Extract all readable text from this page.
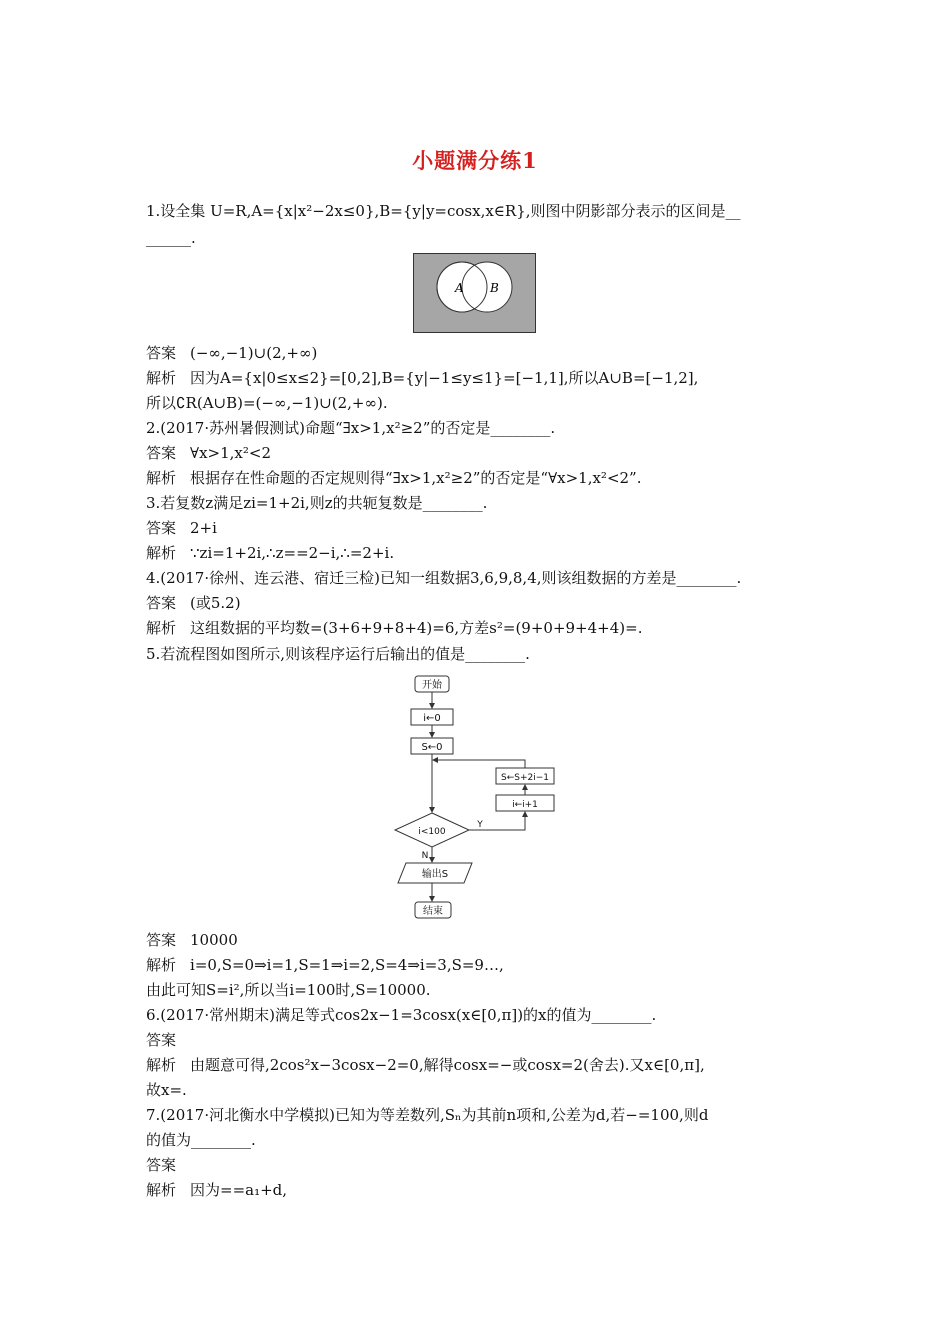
小题满分练1
1.设全集 U=R,A={x|x²−2x≤0},B={y|y=cosx,x∈R},则图中阴影部分表示的区间是__
______.
A B
答案 (−∞,−1)∪(2,+∞)
解析 因为A={x|0≤x≤2}=[0,2],B={y|−1≤y≤1}=[−1,1],所以A∪B=[−1,2],
所以∁R(A∪B)=(−∞,−1)∪(2,+∞).
2.(2017·苏州暑假测试)命题“∃x>1,x²≥2”的否定是________.
答案 ∀x>1,x²<2
解析 根据存在性命题的否定规则得“∃x>1,x²≥2”的否定是“∀x>1,x²<2”.
3.若复数z满足zi=1+2i,则z的共轭复数是________.
答案 2+i
解析 ∵zi=1+2i,∴z==2−i,∴=2+i.
4.(2017·徐州、连云港、宿迁三检)已知一组数据3,6,9,8,4,则该组数据的方差是________.
答案 (或5.2)
解析 这组数据的平均数=(3+6+9+8+4)=6,方差s²=(9+0+9+4+4)=.
5.若流程图如图所示,则该程序运行后输出的值是________.
开始
i←0
S←0
S←S+2i−1
i←i+1
i<100
Y
N
输出S
结束
答案 10000
解析 i=0,S=0⇒i=1,S=1⇒i=2,S=4⇒i=3,S=9…,
由此可知S=i²,所以当i=100时,S=10000.
6.(2017·常州期末)满足等式cos2x−1=3cosx(x∈[0,π])的x的值为________.
答案
解析 由题意可得,2cos²x−3cosx−2=0,解得cosx=−或cosx=2(舍去).又x∈[0,π],
故x=.
7.(2017·河北衡水中学模拟)已知为等差数列,Sₙ为其前n项和,公差为d,若−=100,则d
的值为________.
答案
解析 因为==a₁+d,
